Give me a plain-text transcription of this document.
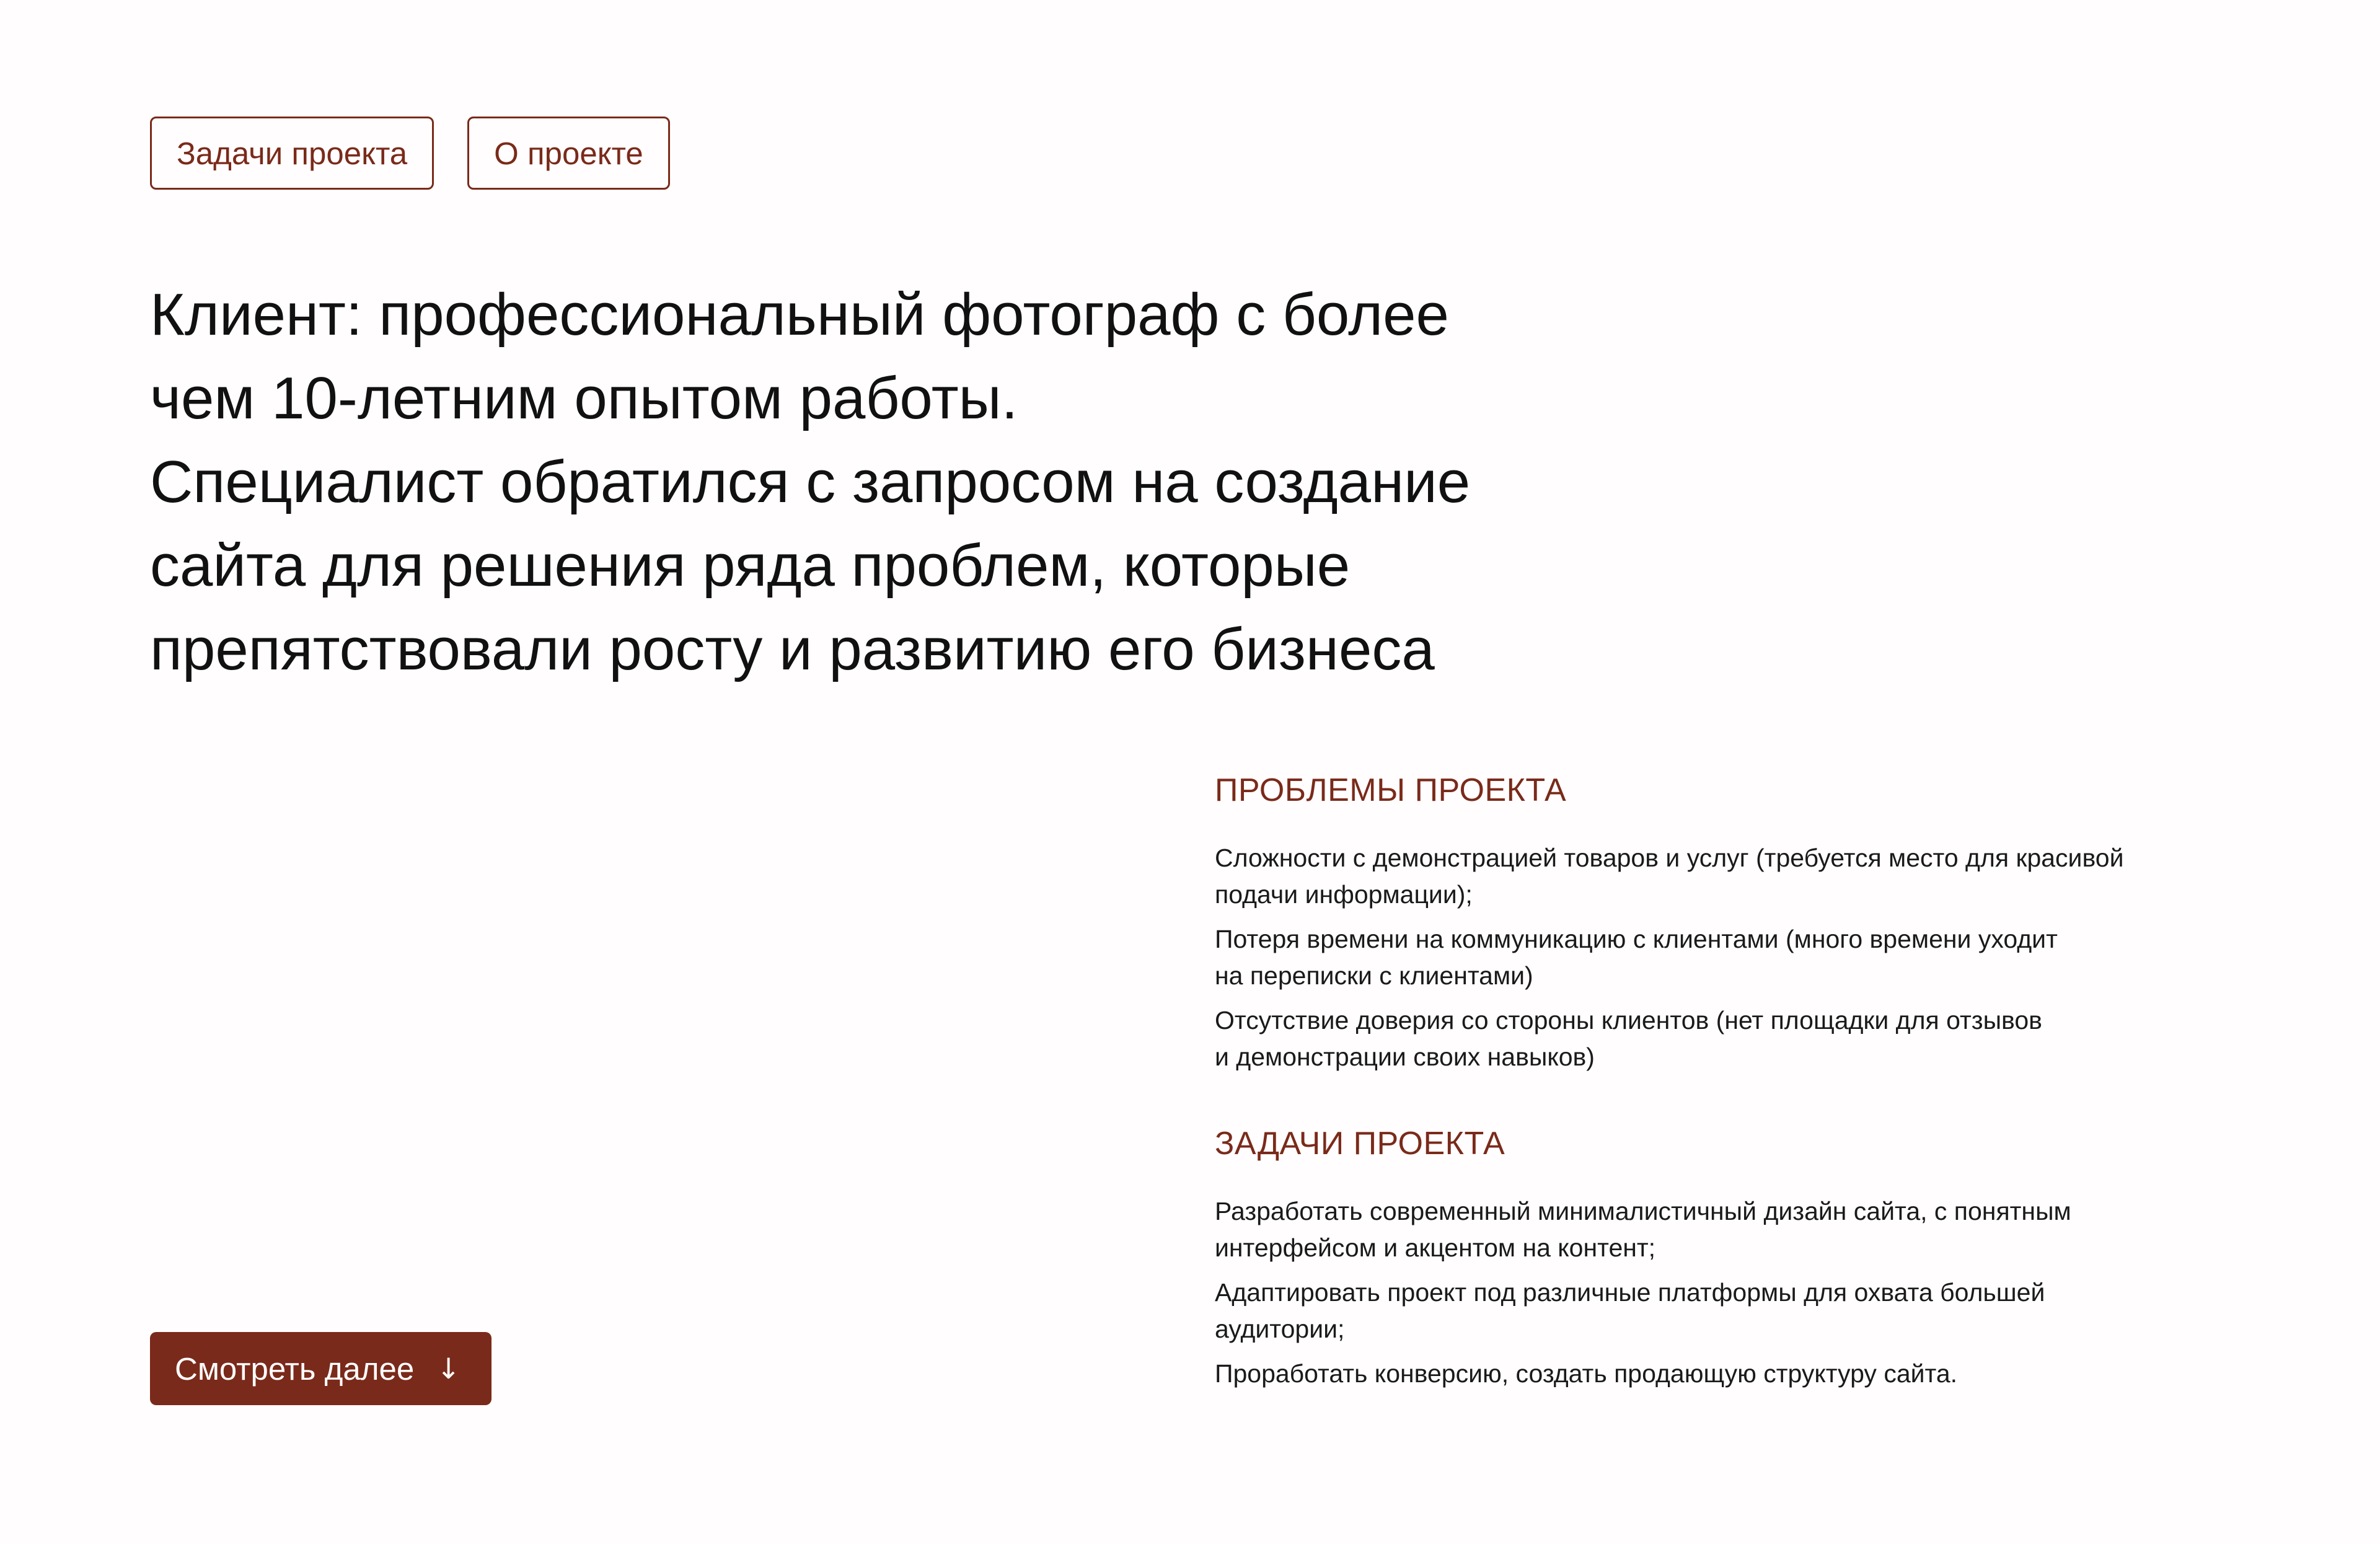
Задачи проекта	О проекте
Клиент: профессиональный фотограф с более
чем 10-летним опытом работы.
Специалист обратился с запросом на создание
сайта для решения ряда проблем, которые
препятствовали росту и развитию его бизнеса
ПРОБЛЕМЫ ПРОЕКТА
Сложности с демонстрацией товаров и услуг (требуется место для красивой
подачи информации);
Потеря времени на коммуникацию с клиентами (много времени уходит
на переписки с клиентами)
Отсутствие доверия со стороны клиентов (нет площадки для отзывов
и демонстрации своих навыков)
ЗАДАЧИ ПРОЕКТА
Разработать современный минималистичный дизайн сайта, с понятным
интерфейсом и акцентом на контент;
Адаптировать проект под различные платформы для охвата большей
аудитории;
Проработать конверсию, создать продающую структуру сайта.
Смотреть далее ↓
